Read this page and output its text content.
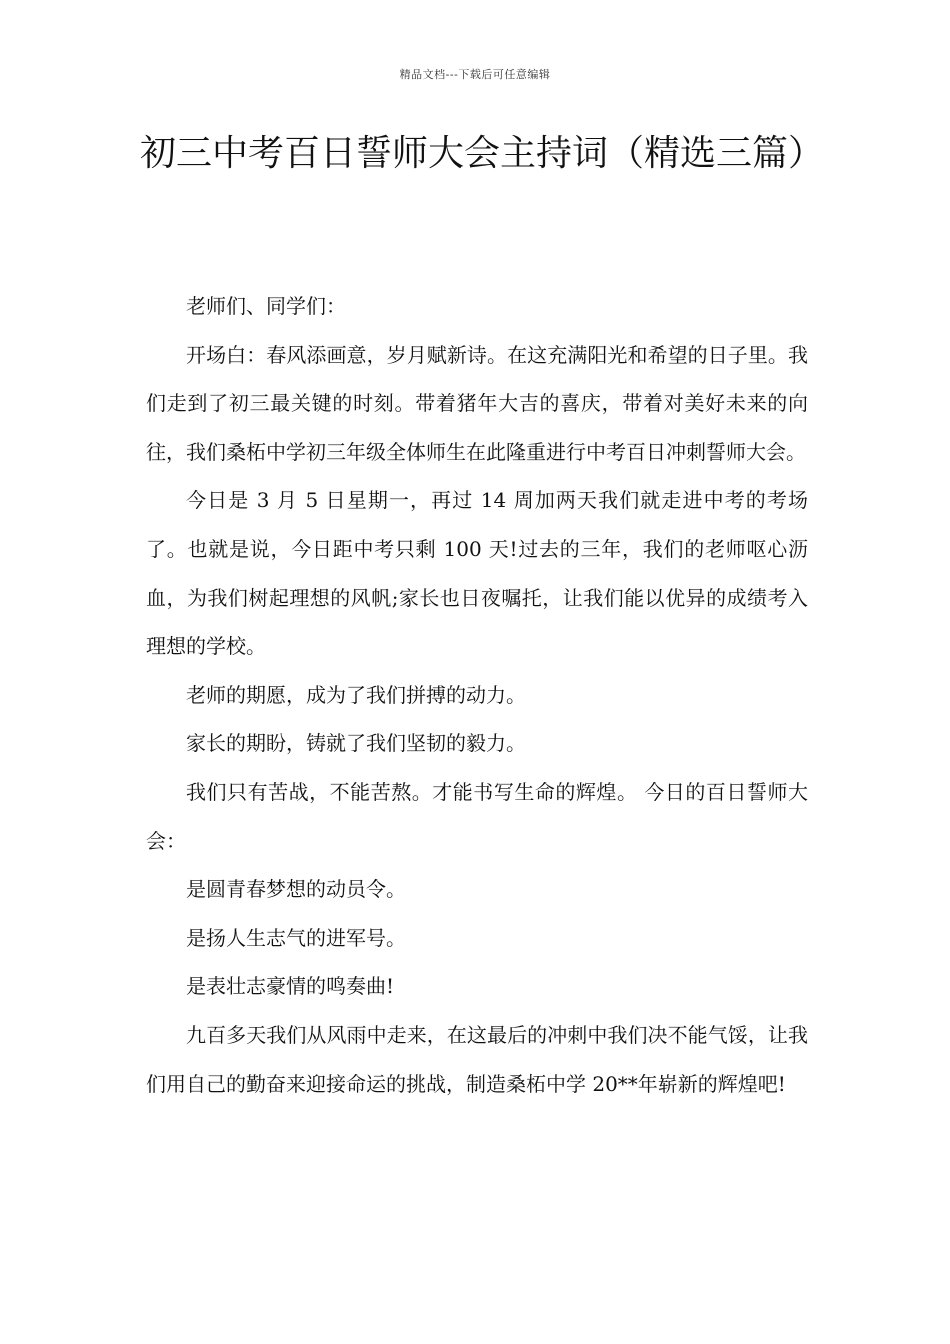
精品文档---下载后可任意编辑
初三中考百日誓师大会主持词（精选三篇）

老师们、同学们：

开场白：春风添画意，岁月赋新诗。在这充满阳光和希望的日子里。我们走到了初三最关键的时刻。带着猪年大吉的喜庆，带着对美好未来的向往，我们桑柘中学初三年级全体师生在此隆重进行中考百日冲刺誓师大会。

今日是 3 月 5 日星期一，再过 14 周加两天我们就走进中考的考场了。也就是说，今日距中考只剩 100 天!过去的三年，我们的老师呕心沥血，为我们树起理想的风帆;家长也日夜嘱托，让我们能以优异的成绩考入理想的学校。

老师的期愿，成为了我们拼搏的动力。

家长的期盼，铸就了我们坚韧的毅力。

我们只有苦战，不能苦熬。才能书写生命的辉煌。 今日的百日誓师大会：

是圆青春梦想的动员令。

是扬人生志气的进军号。

是表壮志豪情的鸣奏曲!

九百多天我们从风雨中走来，在这最后的冲刺中我们决不能气馁，让我们用自己的勤奋来迎接命运的挑战，制造桑柘中学 20**年崭新的辉煌吧!
